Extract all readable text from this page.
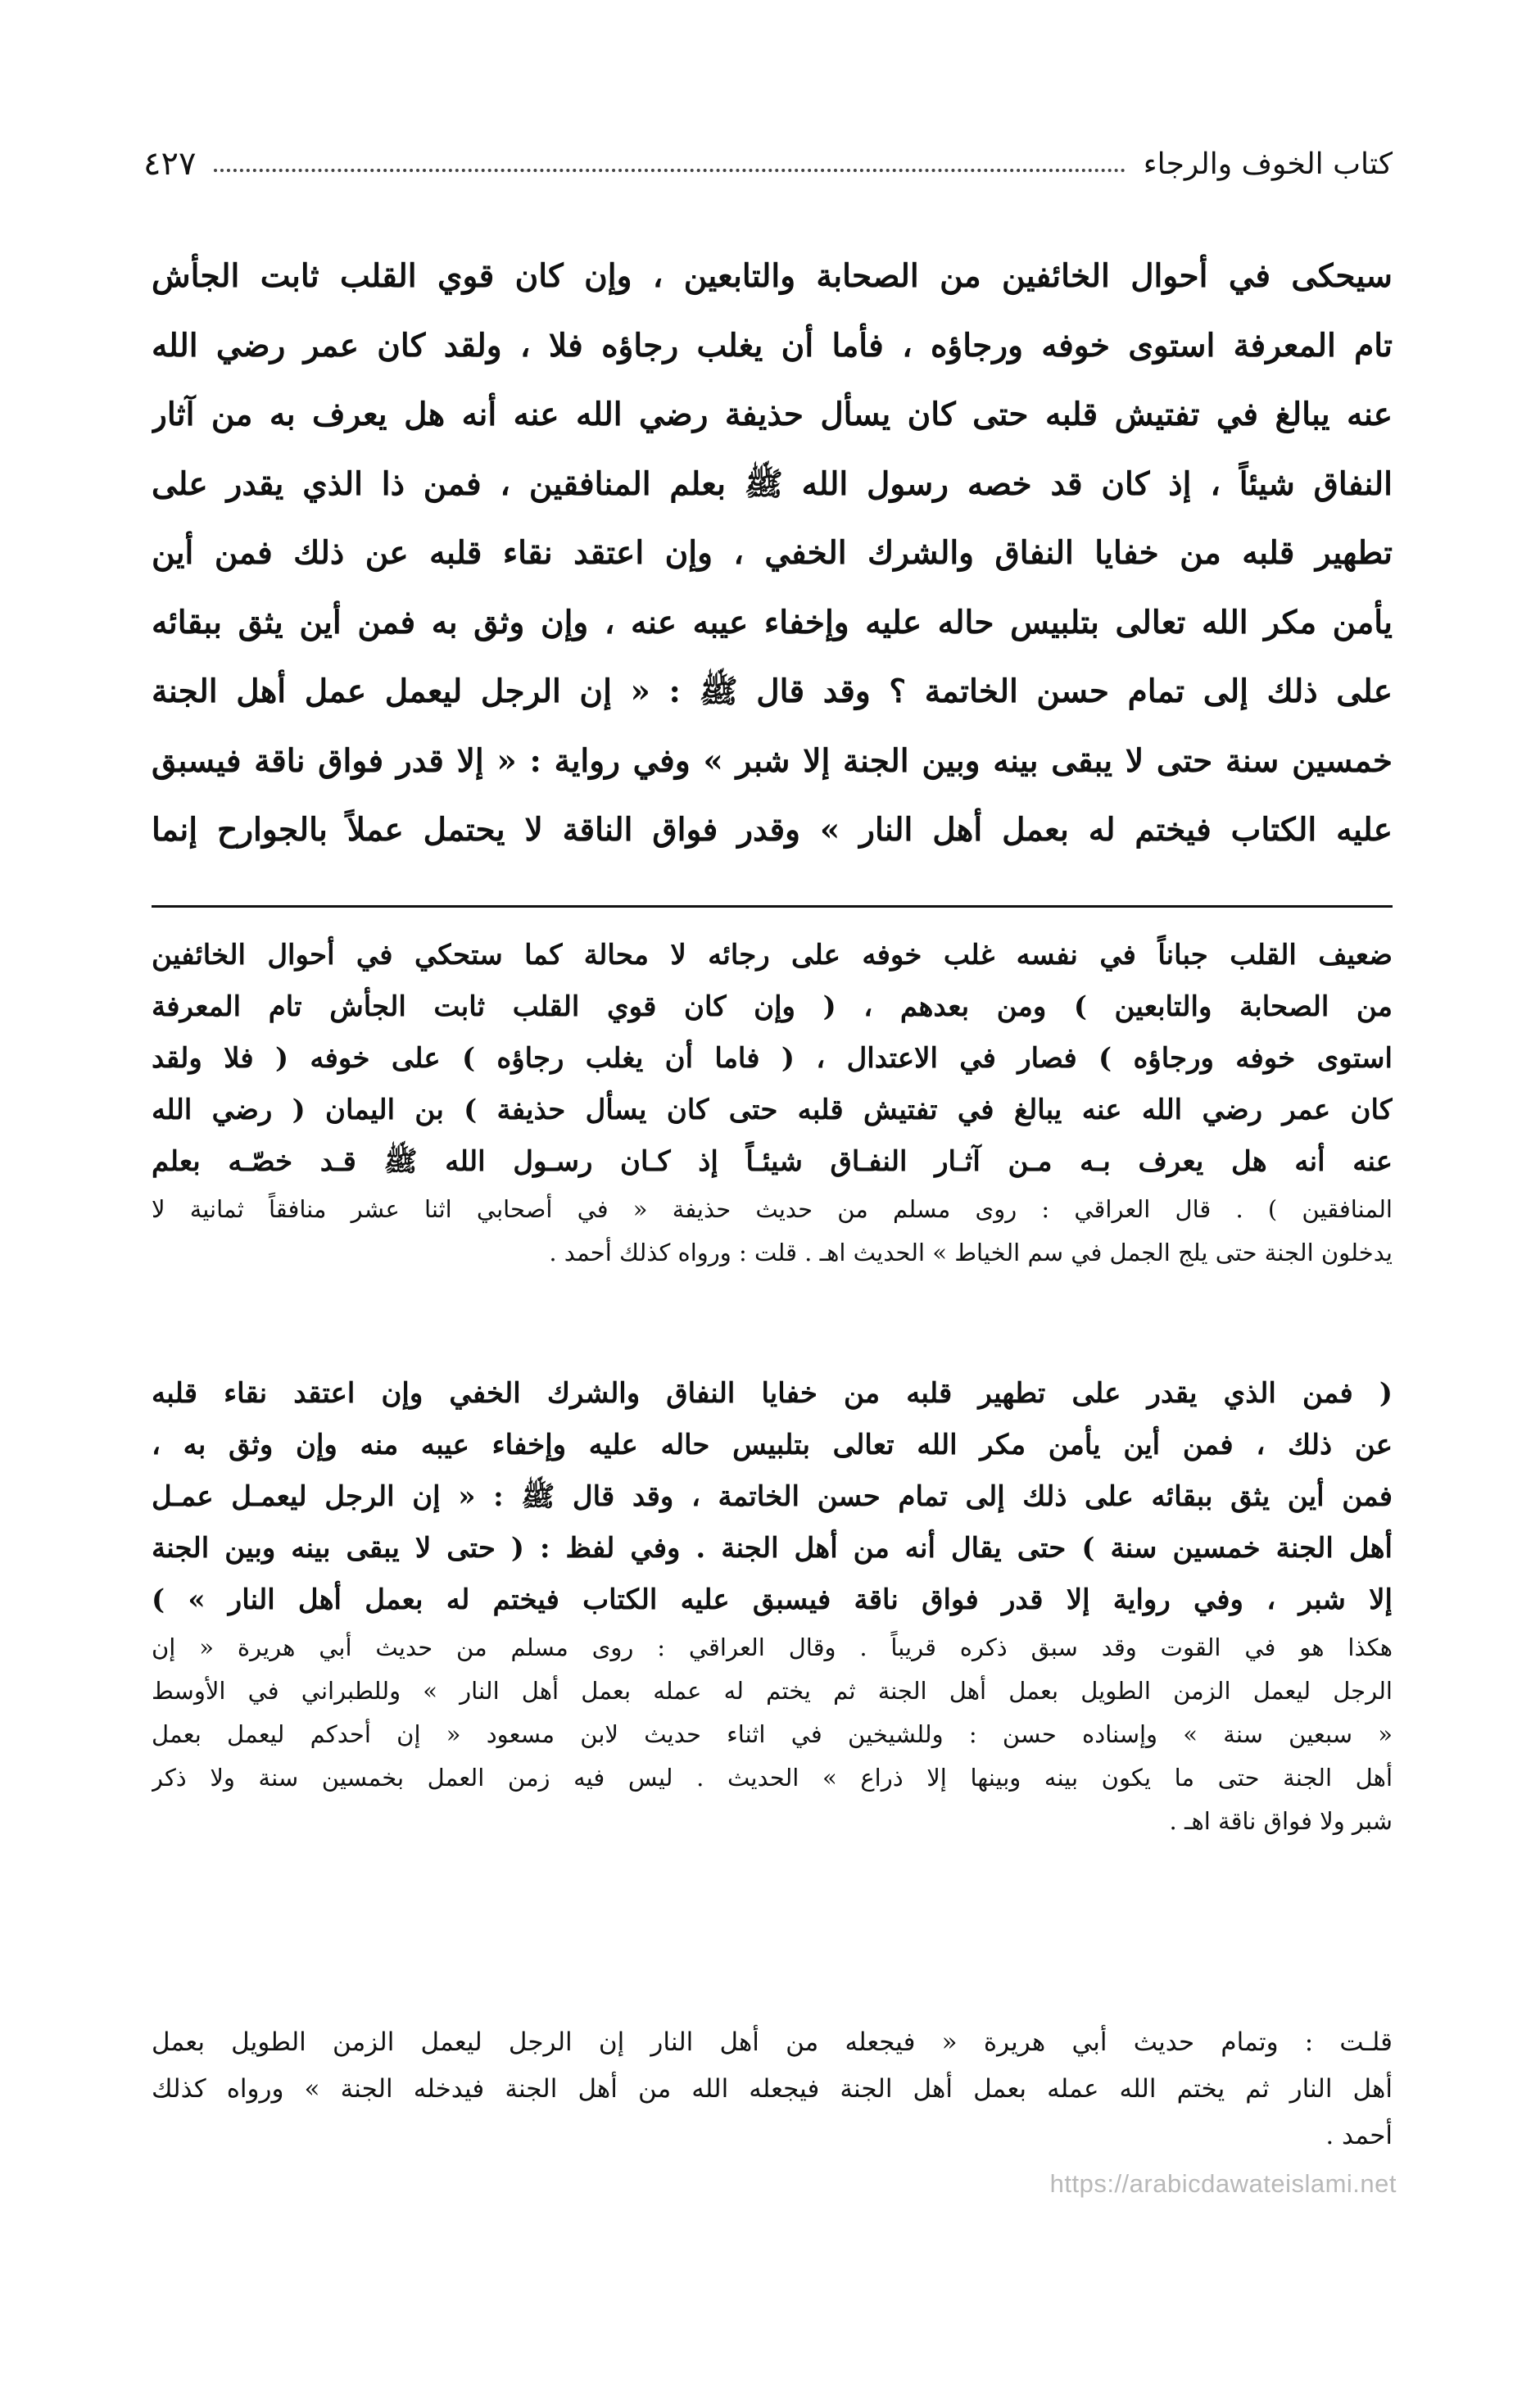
كتاب الخوف والرجاء
٤٢٧
سيحكى في أحوال الخائفين من الصحابة والتابعين ، وإن كان قوي القلب ثابت الجأش
تام المعرفة استوى خوفه ورجاؤه ، فأما أن يغلب رجاؤه فلا ، ولقد كان عمر رضي الله
عنه يبالغ في تفتيش قلبه حتى كان يسأل حذيفة رضي الله عنه أنه هل يعرف به من آثار
النفاق شيئاً ، إذ كان قد خصه رسول الله ﷺ بعلم المنافقين ، فمن ذا الذي يقدر على
تطهير قلبه من خفايا النفاق والشرك الخفي ، وإن اعتقد نقاء قلبه عن ذلك فمن أين
يأمن مكر الله تعالى بتلبيس حاله عليه وإخفاء عيبه عنه ، وإن وثق به فمن أين يثق ببقائه
على ذلك إلى تمام حسن الخاتمة ؟ وقد قال ﷺ : « إن الرجل ليعمل عمل أهل الجنة
خمسين سنة حتى لا يبقى بينه وبين الجنة إلا شبر » وفي رواية : « إلا قدر فواق ناقة فيسبق
عليه الكتاب فيختم له بعمل أهل النار » وقدر فواق الناقة لا يحتمل عملاً بالجوارح إنما
ضعيف القلب جباناً في نفسه غلب خوفه على رجائه لا محالة كما ستحكي في أحوال الخائفين
من الصحابة والتابعين ) ومن بعدهم ، ( وإن كان قوي القلب ثابت الجأش تام المعرفة
استوى خوفه ورجاؤه ) فصار في الاعتدال ، ( فاما أن يغلب رجاؤه ) على خوفه ( فلا ولقد
كان عمر رضي الله عنه يبالغ في تفتيش قلبه حتى كان يسأل حذيفة ) بن اليمان ( رضي الله
عنه أنه هل يعرف بـه مـن آثـار النفـاق شيئـاً إذ كـان رسـول الله ﷺ قـد خصّـه بعلم
المنافقين ) . قال العراقي : روى مسلم من حديث حذيفة « في أصحابي اثنا عشر منافقاً ثمانية لا
يدخلون الجنة حتى يلج الجمل في سم الخياط » الحديث اهـ . قلت : ورواه كذلك أحمد .
( فمن الذي يقدر على تطهير قلبه من خفايا النفاق والشرك الخفي وإن اعتقد نقاء قلبه
عن ذلك ، فمن أين يأمن مكر الله تعالى بتلبيس حاله عليه وإخفاء عيبه منه وإن وثق به ،
فمن أين يثق ببقائه على ذلك إلى تمام حسن الخاتمة ، وقد قال ﷺ : « إن الرجل ليعمـل عمـل
أهل الجنة خمسين سنة ) حتى يقال أنه من أهل الجنة . وفي لفظ : ( حتى لا يبقى بينه وبين الجنة
إلا شبر ، وفي رواية إلا قدر فواق ناقة فيسبق عليه الكتاب فيختم له بعمل أهل النار » )
هكذا هو في القوت وقد سبق ذكره قريباً . وقال العراقي : روى مسلم من حديث أبي هريرة « إن
الرجل ليعمل الزمن الطويل بعمل أهل الجنة ثم يختم له عمله بعمل أهل النار » وللطبراني في الأوسط
« سبعين سنة » وإسناده حسن : وللشيخين في اثناء حديث لابن مسعود « إن أحدكم ليعمل بعمل
أهل الجنة حتى ما يكون بينه وبينها إلا ذراع » الحديث . ليس فيه زمن العمل بخمسين سنة ولا ذكر
شبر ولا فواق ناقة اهـ .
قلـت : وتمام حديث أبي هريرة « فيجعله من أهل النار إن الرجل ليعمل الزمن الطويل بعمل
أهل النار ثم يختم الله عمله بعمل أهل الجنة فيجعله الله من أهل الجنة فيدخله الجنة » ورواه كذلك
أحمد .
https://arabicdawateislami.net
